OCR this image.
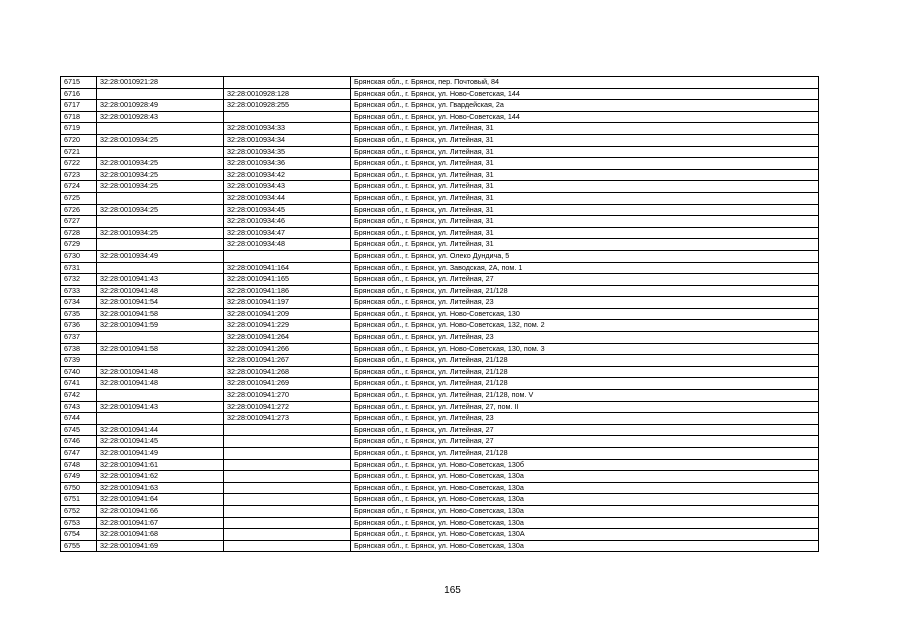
6715	32:28:0010921:28		Брянская обл., г. Брянск, пер. Почтовый, 84
6716		32:28:0010928:128	Брянская обл., г. Брянск, ул. Ново-Советская, 144
6717	32:28:0010928:49	32:28:0010928:255	Брянская обл., г. Брянск, ул. Гвардейская, 2а
6718	32:28:0010928:43		Брянская обл., г. Брянск, ул. Ново-Советская, 144
6719		32:28:0010934:33	Брянская обл., г. Брянск, ул. Литейная, 31
6720	32:28:0010934:25	32:28:0010934:34	Брянская обл., г. Брянск, ул. Литейная, 31
6721		32:28:0010934:35	Брянская обл., г. Брянск, ул. Литейная, 31
6722	32:28:0010934:25	32:28:0010934:36	Брянская обл., г. Брянск, ул. Литейная, 31
6723	32:28:0010934:25	32:28:0010934:42	Брянская обл., г. Брянск, ул. Литейная, 31
6724	32:28:0010934:25	32:28:0010934:43	Брянская обл., г. Брянск, ул. Литейная, 31
6725		32:28:0010934:44	Брянская обл., г. Брянск, ул. Литейная, 31
6726	32:28:0010934:25	32:28:0010934:45	Брянская обл., г. Брянск, ул. Литейная, 31
6727		32:28:0010934:46	Брянская обл., г. Брянск, ул. Литейная, 31
6728	32:28:0010934:25	32:28:0010934:47	Брянская обл., г. Брянск, ул. Литейная, 31
6729		32:28:0010934:48	Брянская обл., г. Брянск, ул. Литейная, 31
6730	32:28:0010934:49		Брянская обл., г. Брянск, ул. Олеко Дундича, 5
6731		32:28:0010941:164	Брянская обл., г. Брянск, ул. Заводская, 2А, пом. 1
6732	32:28:0010941:43	32:28:0010941:165	Брянская обл., г. Брянск, ул. Литейная, 27
6733	32:28:0010941:48	32:28:0010941:186	Брянская обл., г. Брянск, ул. Литейная, 21/128
6734	32:28:0010941:54	32:28:0010941:197	Брянская обл., г. Брянск, ул. Литейная, 23
6735	32:28:0010941:58	32:28:0010941:209	Брянская обл., г. Брянск, ул. Ново-Советская, 130
6736	32:28:0010941:59	32:28:0010941:229	Брянская обл., г. Брянск, ул. Ново-Советская, 132, пом. 2
6737		32:28:0010941:264	Брянская обл., г. Брянск, ул. Литейная, 23
6738	32:28:0010941:58	32:28:0010941:266	Брянская обл., г. Брянск, ул. Ново-Советская, 130, пом. 3
6739		32:28:0010941:267	Брянская обл., г. Брянск, ул. Литейная, 21/128
6740	32:28:0010941:48	32:28:0010941:268	Брянская обл., г. Брянск, ул. Литейная, 21/128
6741	32:28:0010941:48	32:28:0010941:269	Брянская обл., г. Брянск, ул. Литейная, 21/128
6742		32:28:0010941:270	Брянская обл., г. Брянск, ул. Литейная, 21/128, пом. V
6743	32:28:0010941:43	32:28:0010941:272	Брянская обл., г. Брянск, ул. Литейная, 27, пом. II
6744		32:28:0010941:273	Брянская обл., г. Брянск, ул. Литейная, 23
6745	32:28:0010941:44		Брянская обл., г. Брянск, ул. Литейная, 27
6746	32:28:0010941:45		Брянская обл., г. Брянск, ул. Литейная, 27
6747	32:28:0010941:49		Брянская обл., г. Брянск, ул. Литейная, 21/128
6748	32:28:0010941:61		Брянская обл., г. Брянск, ул. Ново-Советская, 130б
6749	32:28:0010941:62		Брянская обл., г. Брянск, ул. Ново-Советская, 130а
6750	32:28:0010941:63		Брянская обл., г. Брянск, ул. Ново-Советская, 130а
6751	32:28:0010941:64		Брянская обл., г. Брянск, ул. Ново-Советская, 130а
6752	32:28:0010941:66		Брянская обл., г. Брянск, ул. Ново-Советская, 130а
6753	32:28:0010941:67		Брянская обл., г. Брянск, ул. Ново-Советская, 130а
6754	32:28:0010941:68		Брянская обл., г. Брянск, ул. Ново-Советская, 130А
6755	32:28:0010941:69		Брянская обл., г. Брянск, ул. Ново-Советская, 130а
165
